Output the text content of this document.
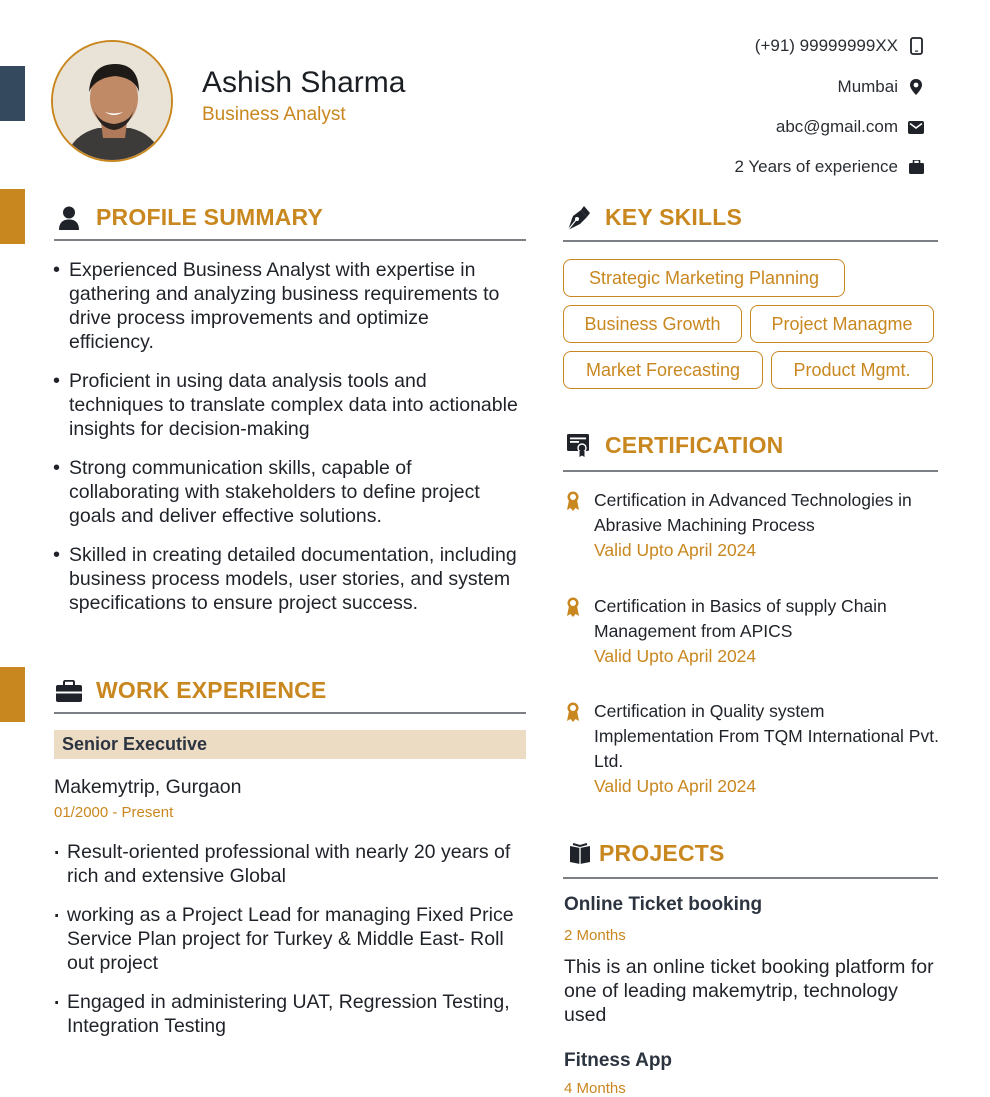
Ashish Sharma
Business Analyst
(+91) 99999999XX
Mumbai
abc@gmail.com
2 Years of experience
PROFILE SUMMARY
• Experienced Business Analyst with expertise in gathering and analyzing business requirements to drive process improvements and optimize efficiency.
• Proficient in using data analysis tools and techniques to translate complex data into actionable insights for decision-making
• Strong communication skills, capable of collaborating with stakeholders to define project goals and deliver effective solutions.
• Skilled in creating detailed documentation, including business process models, user stories, and system specifications to ensure project success.
WORK EXPERIENCE
Senior Executive
Makemytrip, Gurgaon
01/2000 - Present
· Result-oriented professional with nearly 20 years of rich and extensive Global
· working as a Project Lead for managing Fixed Price Service Plan project for Turkey & Middle East- Roll out project
· Engaged in administering UAT, Regression Testing, Integration Testing
KEY SKILLS
Strategic Marketing Planning
Business Growth	Project Managme
Market Forecasting	Product Mgmt.
CERTIFICATION
Certification in Advanced Technologies in Abrasive Machining Process
Valid Upto April 2024
Certification in Basics of supply Chain Management from APICS
Valid Upto April 2024
Certification in Quality system Implementation From TQM International Pvt. Ltd.
Valid Upto April 2024
PROJECTS
Online Ticket booking
2 Months
This is an online ticket booking platform for one of leading makemytrip, technology used
Fitness App
4 Months
